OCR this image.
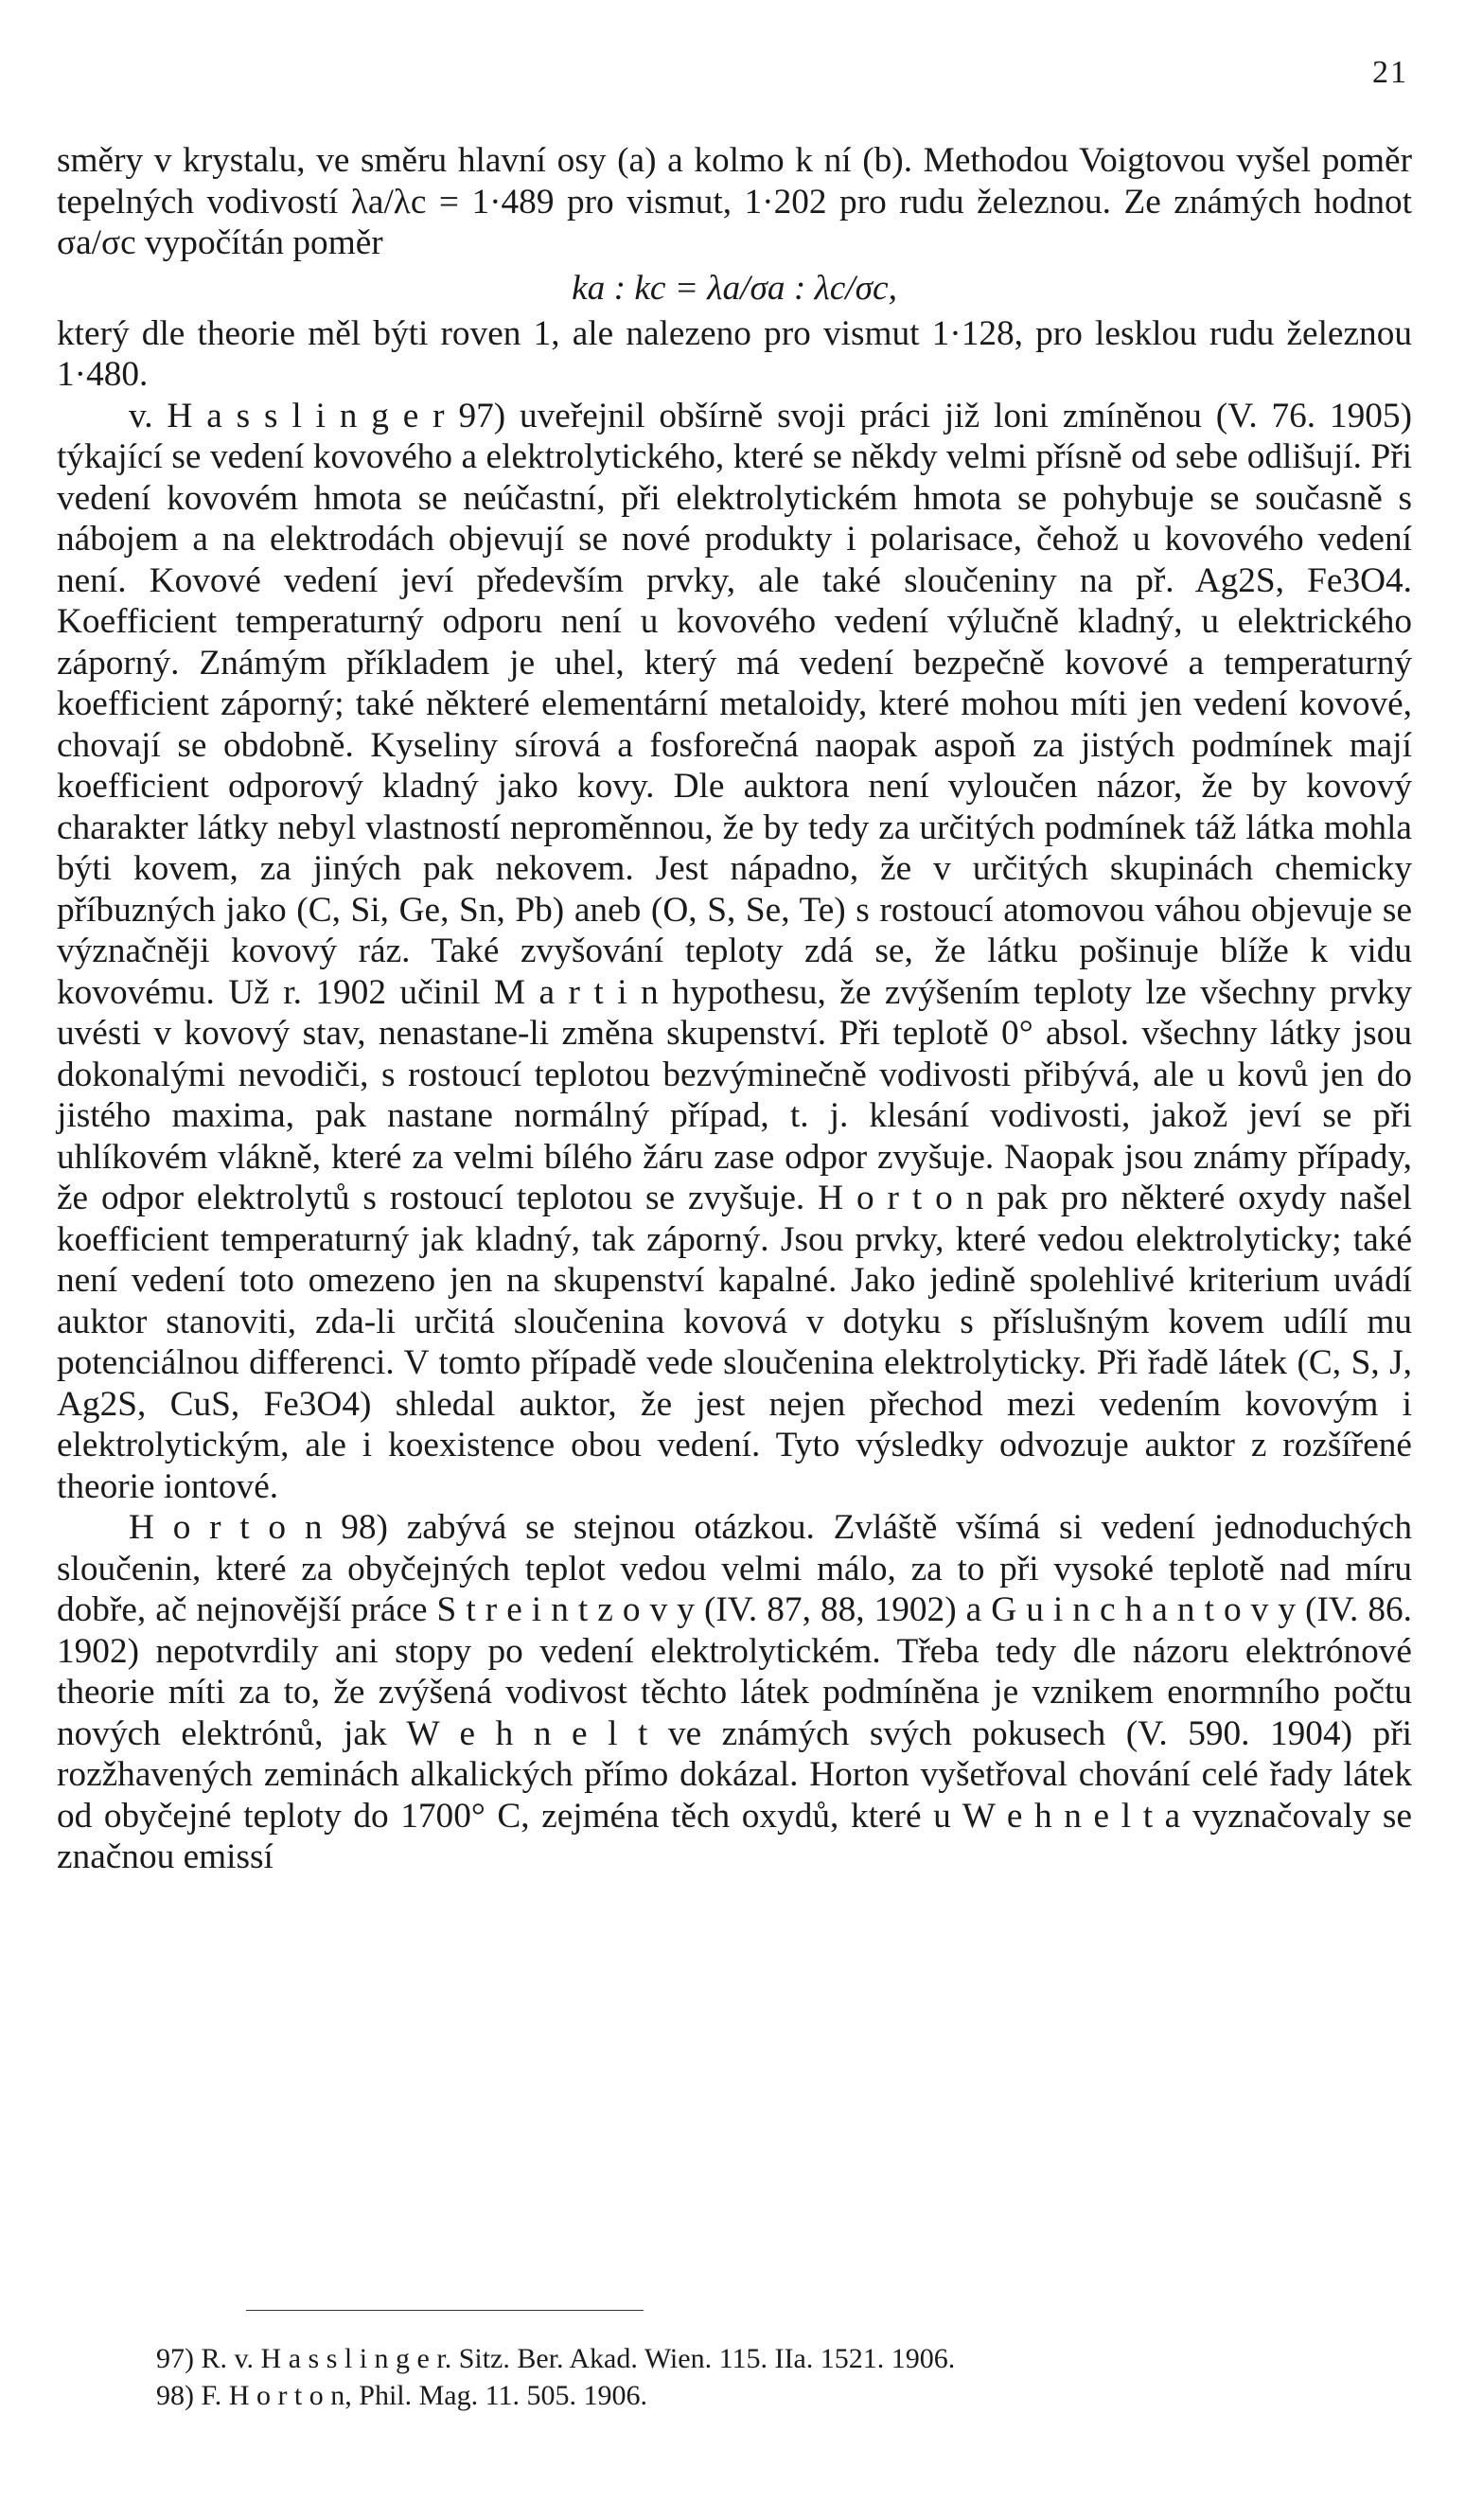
21

směry v krystalu, ve směru hlavní osy (a) a kolmo k ní (b). Methodou Voigtovou vyšel poměr tepelných vodivostí λa/λc = 1·489 pro vismut, 1·202 pro rudu železnou. Ze známých hodnot σa/σc vypočítán poměr

ka : kc = λa/σa : λc/σc,

který dle theorie měl býti roven 1, ale nalezeno pro vismut 1·128, pro lesklou rudu železnou 1·480.

v. H a s s l i n g e r 97) uveřejnil obšírně svoji práci již loni zmíněnou (V. 76. 1905) týkající se vedení kovového a elektrolytického, které se někdy velmi přísně od sebe odlišují. Při vedení kovovém hmota se neúčastní, při elektrolytickém hmota se pohybuje se současně s nábojem a na elektrodách objevují se nové produkty i polarisace, čehož u kovového vedení není. Kovové vedení jeví především prvky, ale také sloučeniny na př. Ag2S, Fe3O4. Koefficient temperaturný odporu není u kovového vedení výlučně kladný, u elektrického záporný. Známým příkladem je uhel, který má vedení bezpečně kovové a temperaturný koefficient záporný; také některé elementární metaloidy, které mohou míti jen vedení kovové, chovají se obdobně. Kyseliny sírová a fosforečná naopak aspoň za jistých podmínek mají koefficient odporový kladný jako kovy. Dle auktora není vyloučen názor, že by kovový charakter látky nebyl vlastností neproměnnou, že by tedy za určitých podmínek táž látka mohla býti kovem, za jiných pak nekovem. Jest nápadno, že v určitých skupinách chemicky příbuzných jako (C, Si, Ge, Sn, Pb) aneb (O, S, Se, Te) s rostoucí atomovou váhou objevuje se význačněji kovový ráz. Také zvyšování teploty zdá se, že látku pošinuje blíže k vidu kovovému. Už r. 1902 učinil M a r t i n hypothesu, že zvýšením teploty lze všechny prvky uvésti v kovový stav, nenastane-li změna skupenství. Při teplotě 0° absol. všechny látky jsou dokonalými nevodiči, s rostoucí teplotou bezvýminečně vodivosti přibývá, ale u kovů jen do jistého maxima, pak nastane normálný případ, t. j. klesání vodivosti, jakož jeví se při uhlíkovém vlákně, které za velmi bílého žáru zase odpor zvyšuje. Naopak jsou známy případy, že odpor elektrolytů s rostoucí teplotou se zvyšuje. H o r t o n pak pro některé oxydy našel koefficient temperaturný jak kladný, tak záporný. Jsou prvky, které vedou elektrolyticky; také není vedení toto omezeno jen na skupenství kapalné. Jako jedině spolehlivé kriterium uvádí auktor stanoviti, zda-li určitá sloučenina kovová v dotyku s příslušným kovem udílí mu potenciálnou differenci. V tomto případě vede sloučenina elektrolyticky. Při řadě látek (C, S, J, Ag2S, CuS, Fe3O4) shledal auktor, že jest nejen přechod mezi vedením kovovým i elektrolytickým, ale i koexistence obou vedení. Tyto výsledky odvozuje auktor z rozšířené theorie iontové.

H o r t o n 98) zabývá se stejnou otázkou. Zvláště všímá si vedení jednoduchých sloučenin, které za obyčejných teplot vedou velmi málo, za to při vysoké teplotě nad míru dobře, ač nejnovější práce S t r e i n t z o v y (IV. 87, 88, 1902) a G u i n c h a n t o v y (IV. 86. 1902) nepotvrdily ani stopy po vedení elektrolytickém. Třeba tedy dle názoru elektrónové theorie míti za to, že zvýšená vodivost těchto látek podmíněna je vznikem enormního počtu nových elektrónů, jak W e h n e l t ve známých svých pokusech (V. 590. 1904) při rozžhavených zeminách alkalických přímo dokázal. Horton vyšetřoval chování celé řady látek od obyčejné teploty do 1700° C, zejména těch oxydů, které u W e h n e l t a vyznačovaly se značnou emissí

97) R. v. H a s s l i n g e r. Sitz. Ber. Akad. Wien. 115. IIa. 1521. 1906.

98) F. H o r t o n, Phil. Mag. 11. 505. 1906.
